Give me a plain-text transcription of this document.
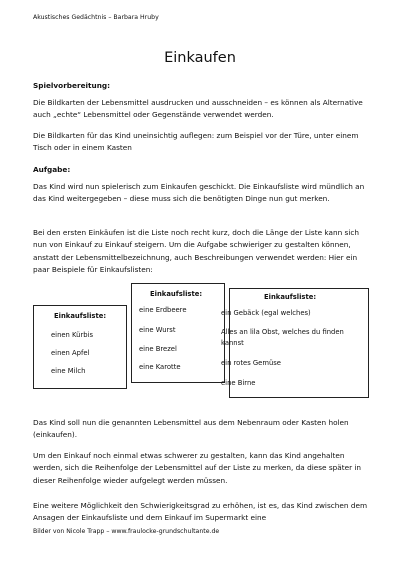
Akustisches Gedächtnis – Barbara Hruby
Einkaufen
Spielvorbereitung:

Die Bildkarten der Lebensmittel ausdrucken und ausschneiden – es können als Alternative auch „echte“ Lebensmittel oder Gegenstände verwendet werden.

Die Bildkarten für das Kind uneinsichtig auflegen: zum Beispiel vor der Türe, unter einem Tisch oder in einem Kasten

Aufgabe:

Das Kind wird nun spielerisch zum Einkaufen geschickt. Die Einkaufsliste wird mündlich an das Kind weitergegeben – diese muss sich die benötigten Dinge nun gut merken.

Bei den ersten Einkäufen ist die Liste noch recht kurz, doch die Länge der Liste kann sich nun von Einkauf zu Einkauf steigern. Um die Aufgabe schwieriger zu gestalten können, anstatt der Lebensmittelbezeichnung, auch Beschreibungen verwendet werden: Hier ein paar Beispiele für Einkaufslisten:

Einkaufsliste:
einen Kürbis
einen Apfel
eine Milch
Einkaufsliste:
eine Erdbeere
eine Wurst
eine Brezel
eine Karotte
Einkaufsliste:
ein Gebäck (egal welches)
Alles an lila Obst, welches du finden kannst
ein rotes Gemüse
eine Birne

Das Kind soll nun die genannten Lebensmittel aus dem Nebenraum oder Kasten holen (einkaufen).

Um den Einkauf noch einmal etwas schwerer zu gestalten, kann das Kind angehalten werden, sich die Reihenfolge der Lebensmittel auf der Liste zu merken, da diese später in dieser Reihenfolge wieder aufgelegt werden müssen.

Eine weitere Möglichkeit den Schwierigkeitsgrad zu erhöhen, ist es, das Kind zwischen dem Ansagen der Einkaufsliste und dem Einkauf im Supermarkt eine

Bilder von Nicole Trapp – www.fraulocke-grundschultante.de
